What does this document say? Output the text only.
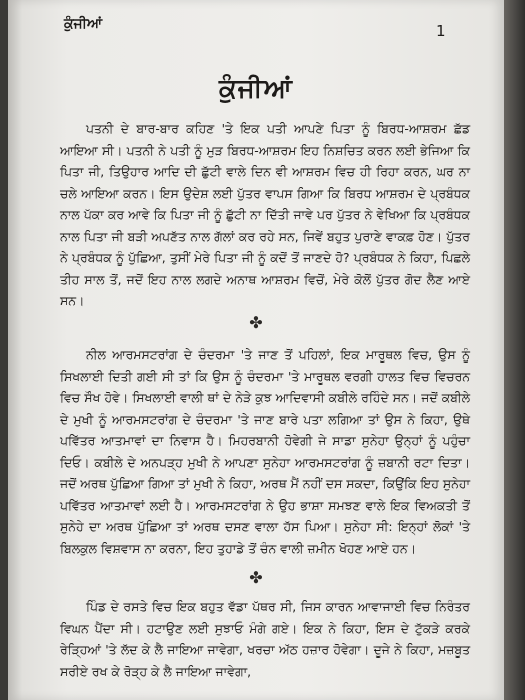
ਕੁੰਜੀਆਂ	1
ਕੁੰਜੀਆਂ

ਪਤਨੀ ਦੇ ਬਾਰ-ਬਾਰ ਕਹਿਣ 'ਤੇ ਇਕ ਪਤੀ ਆਪਣੇ ਪਿਤਾ ਨੂੰ ਬਿਰਧ-ਆਸ਼ਰਮ ਛੱਡ ਆਇਆ ਸੀ। ਪਤਨੀ ਨੇ ਪਤੀ ਨੂੰ ਮੁੜ ਬਿਰਧ-ਆਸ਼ਰਮ ਇਹ ਨਿਸ਼ਚਿਤ ਕਰਨ ਲਈ ਭੇਜਿਆ ਕਿ ਪਿਤਾ ਜੀ, ਤਿਉਹਾਰ ਆਦਿ ਦੀ ਛੁੱਟੀ ਵਾਲੇ ਦਿਨ ਵੀ ਆਸ਼ਰਮ ਵਿਚ ਹੀ ਰਿਹਾ ਕਰਨ, ਘਰ ਨਾ ਚਲੇ ਆਇਆ ਕਰਨ। ਇਸ ਉਦੇਸ਼ ਲਈ ਪੁੱਤਰ ਵਾਪਸ ਗਿਆ ਕਿ ਬਿਰਧ ਆਸ਼ਰਮ ਦੇ ਪ੍ਰਬੰਧਕ ਨਾਲ ਪੱਕਾ ਕਰ ਆਵੇ ਕਿ ਪਿਤਾ ਜੀ ਨੂੰ ਛੁੱਟੀ ਨਾ ਦਿੱਤੀ ਜਾਵੇ ਪਰ ਪੁੱਤਰ ਨੇ ਵੇਖਿਆ ਕਿ ਪ੍ਰਬੰਧਕ ਨਾਲ ਪਿਤਾ ਜੀ ਬੜੀ ਅਪਣੱਤ ਨਾਲ ਗੱਲਾਂ ਕਰ ਰਹੇ ਸਨ, ਜਿਵੇਂ ਬਹੁਤ ਪੁਰਾਣੇ ਵਾਕਫ਼ ਹੋਣ। ਪੁੱਤਰ ਨੇ ਪ੍ਰਬੰਧਕ ਨੂੰ ਪੁੱਛਿਆ, ਤੁਸੀਂ ਮੇਰੇ ਪਿਤਾ ਜੀ ਨੂੰ ਕਦੋਂ ਤੋਂ ਜਾਣਦੇ ਹੋ? ਪ੍ਰਬੰਧਕ ਨੇ ਕਿਹਾ, ਪਿਛਲੇ ਤੀਹ ਸਾਲ ਤੋਂ, ਜਦੋਂ ਇਹ ਨਾਲ ਲਗਦੇ ਅਨਾਥ ਆਸ਼ਰਮ ਵਿਚੋਂ, ਮੇਰੇ ਕੋਲੋਂ ਪੁੱਤਰ ਗੋਦ ਲੈਣ ਆਏ ਸਨ।

✤

ਨੀਲ ਆਰਮਸਟਰਾਂਗ ਦੇ ਚੰਦਰਮਾ 'ਤੇ ਜਾਣ ਤੋਂ ਪਹਿਲਾਂ, ਇਕ ਮਾਰੂਥਲ ਵਿਚ, ਉਸ ਨੂੰ ਸਿਖਲਾਈ ਦਿਤੀ ਗਈ ਸੀ ਤਾਂ ਕਿ ਉਸ ਨੂੰ ਚੰਦਰਮਾ 'ਤੇ ਮਾਰੂਥਲ ਵਰਗੀ ਹਾਲਤ ਵਿਚ ਵਿਚਰਨ ਵਿਚ ਸੌਖ ਹੋਵੇ। ਸਿਖਲਾਈ ਵਾਲੀ ਥਾਂ ਦੇ ਨੇੜੇ ਕੁਝ ਆਦਿਵਾਸੀ ਕਬੀਲੇ ਰਹਿੰਦੇ ਸਨ। ਜਦੋਂ ਕਬੀਲੇ ਦੇ ਮੁਖੀ ਨੂੰ ਆਰਮਸਟਰਾਂਗ ਦੇ ਚੰਦਰਮਾ 'ਤੇ ਜਾਣ ਬਾਰੇ ਪਤਾ ਲਗਿਆ ਤਾਂ ਉਸ ਨੇ ਕਿਹਾ, ਉਥੇ ਪਵਿੱਤਰ ਆਤਮਾਵਾਂ ਦਾ ਨਿਵਾਸ ਹੈ। ਮਿਹਰਬਾਨੀ ਹੋਵੇਗੀ ਜੇ ਸਾਡਾ ਸੁਨੇਹਾ ਉਨ੍ਹਾਂ ਨੂੰ ਪਹੁੰਚਾ ਦਿਓ। ਕਬੀਲੇ ਦੇ ਅਨਪੜ੍ਹ ਮੁਖੀ ਨੇ ਆਪਣਾ ਸੁਨੇਹਾ ਆਰਮਸਟਰਾਂਗ ਨੂੰ ਜ਼ਬਾਨੀ ਰਟਾ ਦਿਤਾ। ਜਦੋਂ ਅਰਥ ਪੁੱਛਿਆ ਗਿਆ ਤਾਂ ਮੁਖੀ ਨੇ ਕਿਹਾ, ਅਰਥ ਮੈਂ ਨਹੀਂ ਦਸ ਸਕਦਾ, ਕਿਉਂਕਿ ਇਹ ਸੁਨੇਹਾ ਪਵਿੱਤਰ ਆਤਮਾਵਾਂ ਲਈ ਹੈ। ਆਰਮਸਟਰਾਂਗ ਨੇ ਉਹ ਭਾਸ਼ਾ ਸਮਝਣ ਵਾਲੇ ਇਕ ਵਿਅਕਤੀ ਤੋਂ ਸੁਨੇਹੇ ਦਾ ਅਰਥ ਪੁੱਛਿਆ ਤਾਂ ਅਰਥ ਦਸਣ ਵਾਲਾ ਹੱਸ ਪਿਆ। ਸੁਨੇਹਾ ਸੀ: ਇਨ੍ਹਾਂ ਲੋਕਾਂ 'ਤੇ ਬਿਲਕੁਲ ਵਿਸ਼ਵਾਸ ਨਾ ਕਰਨਾ, ਇਹ ਤੁਹਾਡੇ ਤੋਂ ਚੰਨ ਵਾਲੀ ਜ਼ਮੀਨ ਖੋਹਣ ਆਏ ਹਨ।

✤

ਪਿੰਡ ਦੇ ਰਸਤੇ ਵਿਚ ਇਕ ਬਹੁਤ ਵੱਡਾ ਪੱਥਰ ਸੀ, ਜਿਸ ਕਾਰਨ ਆਵਾਜਾਈ ਵਿਚ ਨਿਰੰਤਰ ਵਿਘਨ ਪੈਂਦਾ ਸੀ। ਹਟਾਉਣ ਲਈ ਸੁਝਾਓ ਮੰਗੇ ਗਏ। ਇਕ ਨੇ ਕਿਹਾ, ਇਸ ਦੇ ਟੁੱਕੜੇ ਕਰਕੇ ਰੇੜ੍ਹਿਆਂ 'ਤੇ ਲੱਦ ਕੇ ਲੈ ਜਾਇਆ ਜਾਵੇਗਾ, ਖਰਚਾ ਅੱਠ ਹਜ਼ਾਰ ਹੋਵੇਗਾ। ਦੂਜੇ ਨੇ ਕਿਹਾ, ਮਜ਼ਬੂਤ ਸਰੀਏ ਰਖ ਕੇ ਰੋੜ੍ਹ ਕੇ ਲੈ ਜਾਇਆ ਜਾਵੇਗਾ,
